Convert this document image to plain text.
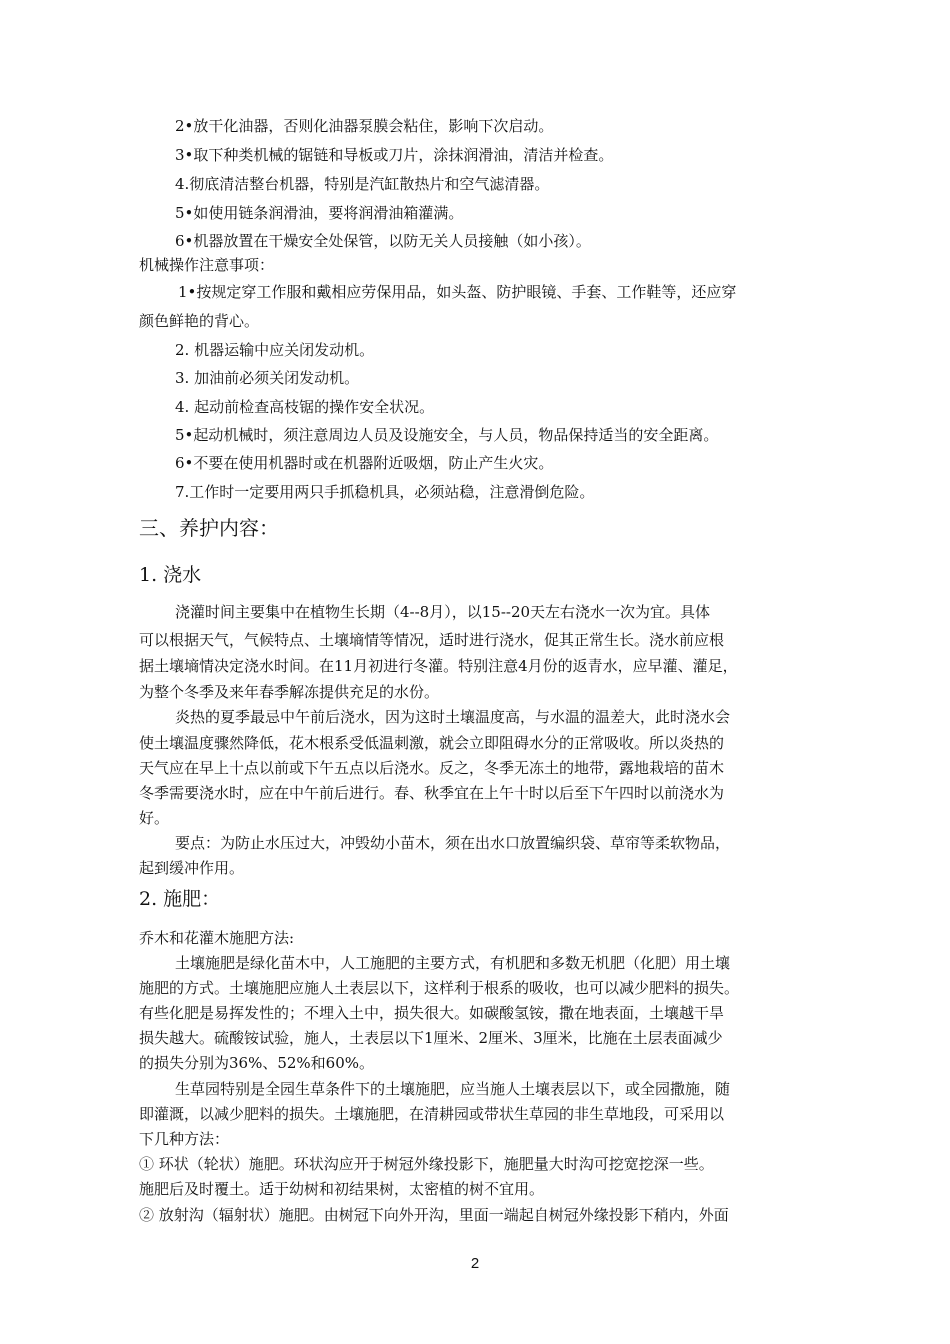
2•放干化油器，否则化油器泵膜会粘住，影响下次启动。
3•取下种类机械的锯链和导板或刀片，涂抹润滑油，清洁并检查。
4.彻底清洁整台机器，特别是汽缸散热片和空气滤清器。
5•如使用链条润滑油，要将润滑油箱灌满。
6•机器放置在干燥安全处保管，以防无关人员接触（如小孩）。
机械操作注意事项：
1•按规定穿工作服和戴相应劳保用品，如头盔、防护眼镜、手套、工作鞋等，还应穿
颜色鲜艳的背心。
2. 机器运输中应关闭发动机。
3. 加油前必须关闭发动机。
4. 起动前检查高枝锯的操作安全状况。
5•起动机械时，须注意周边人员及设施安全，与人员，物品保持适当的安全距离。
6•不要在使用机器时或在机器附近吸烟，防止产生火灾。
7.工作时一定要用两只手抓稳机具，必须站稳，注意滑倒危险。
三、养护内容：
1. 浇水
浇灌时间主要集中在植物生长期（4--8月），以15--20天左右浇水一次为宜。具体
可以根据天气，气候特点、土壤墒情等情况，适时进行浇水，促其正常生长。浇水前应根
据土壤墒情决定浇水时间。在11月初进行冬灌。特别注意4月份的返青水，应早灌、灌足，
为整个冬季及来年春季解冻提供充足的水份。
炎热的夏季最忌中午前后浇水，因为这时土壤温度高，与水温的温差大，此时浇水会
使土壤温度骤然降低，花木根系受低温刺激，就会立即阻碍水分的正常吸收。所以炎热的
天气应在早上十点以前或下午五点以后浇水。反之，冬季无冻土的地带，露地栽培的苗木
冬季需要浇水时，应在中午前后进行。春、秋季宜在上午十时以后至下午四时以前浇水为
好。
要点：为防止水压过大，冲毁幼小苗木，须在出水口放置编织袋、草帘等柔软物品，
起到缓冲作用。
2. 施肥：
乔木和花灌木施肥方法:
土壤施肥是绿化苗木中，人工施肥的主要方式，有机肥和多数无机肥（化肥）用土壤
施肥的方式。土壤施肥应施人土表层以下，这样利于根系的吸收，也可以减少肥料的损失。
有些化肥是易挥发性的；不埋入土中，损失很大。如碳酸氢铵，撒在地表面，土壤越干旱
损失越大。硫酸铵试验，施人，土表层以下1厘米、2厘米、3厘米，比施在土层表面减少
的损失分别为36%、52%和60%。
生草园特别是全园生草条件下的土壤施肥，应当施人土壤表层以下，或全园撒施，随
即灌溉，以减少肥料的损失。土壤施肥，在清耕园或带状生草园的非生草地段，可采用以
下几种方法：
① 环状（轮状）施肥。环状沟应开于树冠外缘投影下，施肥量大时沟可挖宽挖深一些。
施肥后及时覆土。适于幼树和初结果树，太密植的树不宜用。
② 放射沟（辐射状）施肥。由树冠下向外开沟，里面一端起自树冠外缘投影下稍内，外面
2
